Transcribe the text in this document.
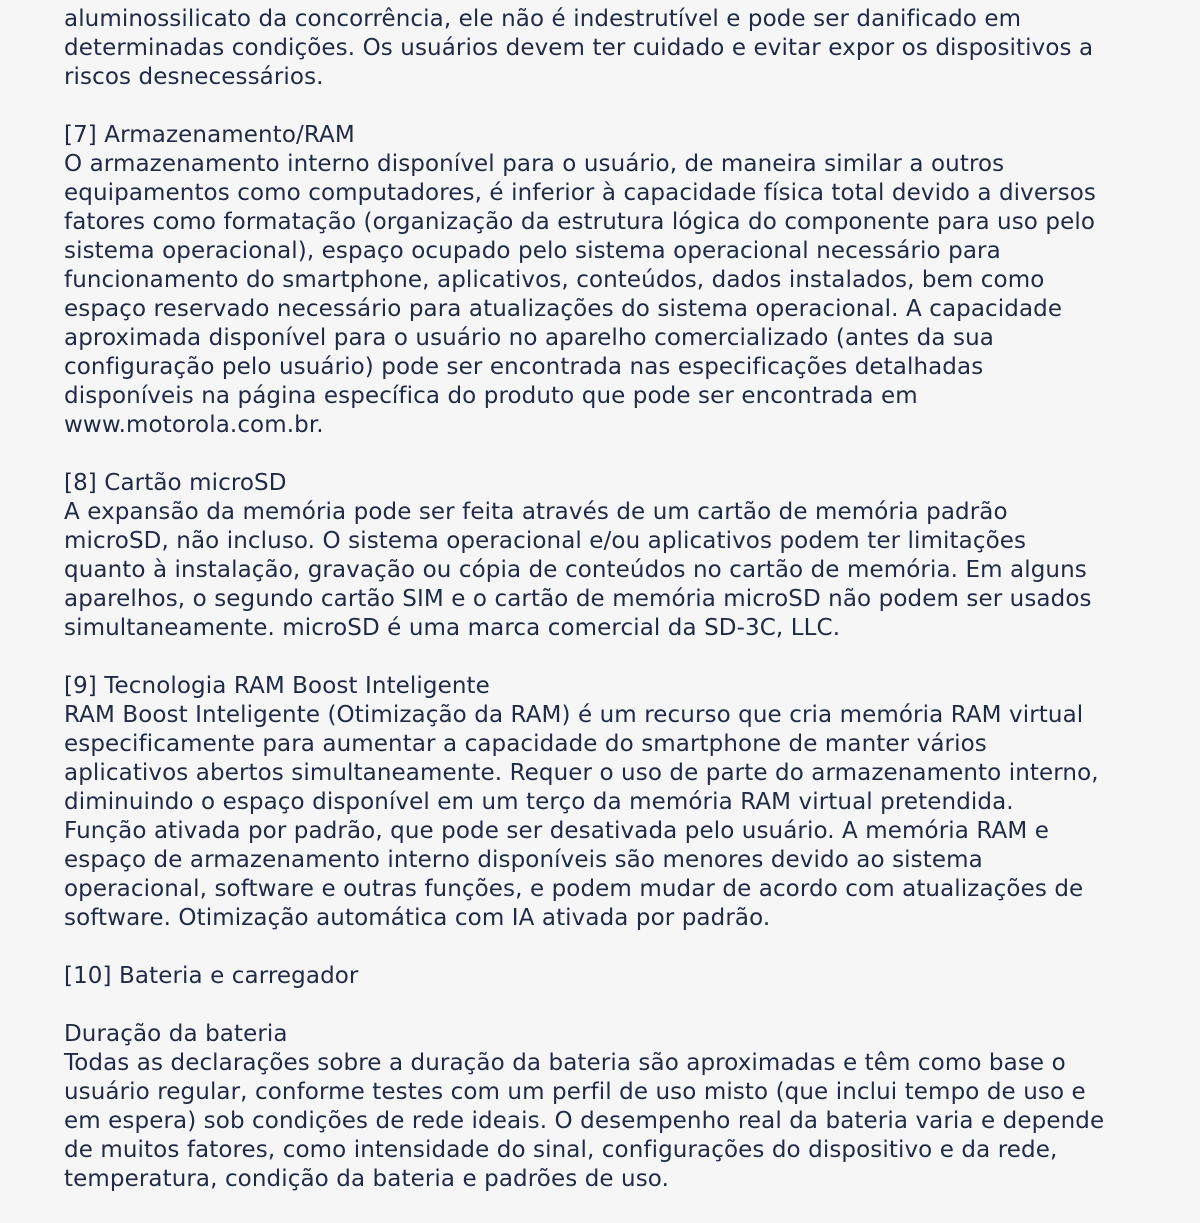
aluminossilicato da concorrência, ele não é indestrutível e pode ser danificado em
determinadas condições. Os usuários devem ter cuidado e evitar expor os dispositivos a
riscos desnecessários.
[7] Armazenamento/RAM
O armazenamento interno disponível para o usuário, de maneira similar a outros
equipamentos como computadores, é inferior à capacidade física total devido a diversos
fatores como formatação (organização da estrutura lógica do componente para uso pelo
sistema operacional), espaço ocupado pelo sistema operacional necessário para
funcionamento do smartphone, aplicativos, conteúdos, dados instalados, bem como
espaço reservado necessário para atualizações do sistema operacional. A capacidade
aproximada disponível para o usuário no aparelho comercializado (antes da sua
configuração pelo usuário) pode ser encontrada nas especificações detalhadas
disponíveis na página específica do produto que pode ser encontrada em
www.motorola.com.br.
[8] Cartão microSD
A expansão da memória pode ser feita através de um cartão de memória padrão
microSD, não incluso. O sistema operacional e/ou aplicativos podem ter limitações
quanto à instalação, gravação ou cópia de conteúdos no cartão de memória. Em alguns
aparelhos, o segundo cartão SIM e o cartão de memória microSD não podem ser usados
simultaneamente. microSD é uma marca comercial da SD-3C, LLC.
[9] Tecnologia RAM Boost Inteligente
RAM Boost Inteligente (Otimização da RAM) é um recurso que cria memória RAM virtual
especificamente para aumentar a capacidade do smartphone de manter vários
aplicativos abertos simultaneamente. Requer o uso de parte do armazenamento interno,
diminuindo o espaço disponível em um terço da memória RAM virtual pretendida.
Função ativada por padrão, que pode ser desativada pelo usuário. A memória RAM e
espaço de armazenamento interno disponíveis são menores devido ao sistema
operacional, software e outras funções, e podem mudar de acordo com atualizações de
software. Otimização automática com IA ativada por padrão.
[10] Bateria e carregador
Duração da bateria
Todas as declarações sobre a duração da bateria são aproximadas e têm como base o
usuário regular, conforme testes com um perfil de uso misto (que inclui tempo de uso e
em espera) sob condições de rede ideais. O desempenho real da bateria varia e depende
de muitos fatores, como intensidade do sinal, configurações do dispositivo e da rede,
temperatura, condição da bateria e padrões de uso.
